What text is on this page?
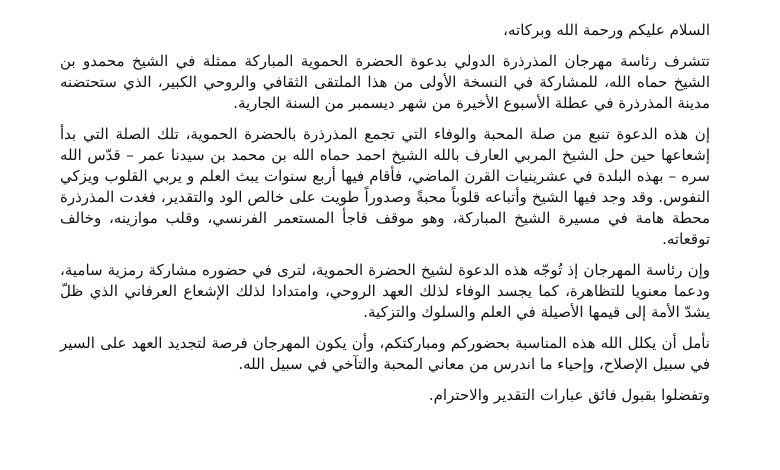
السلام عليكم ورحمة الله وبركاته،

تتشرف رئاسة مهرجان المذرذرة الدولي بدعوة الحضرة الحموية المباركة ممثلة في الشيخ محمدو بن الشيخ حماه الله، للمشاركة في النسخة الأولى من هذا الملتقى الثقافي والروحي الكبير، الذي ستحتضنه مدينة المذرذرة في عطلة الأسبوع الأخيرة من شهر ديسمبر من السنة الجارية.

إن هذه الدعوة تنبع من صلة المحبة والوفاء التي تجمع المذرذرة بالحضرة الحموية، تلك الصلة التي بدأ إشعاعها حين حل الشيخ المربي العارف بالله الشيخ احمد حماه الله بن محمد بن سيدنا عمر – قدّس الله سره – بهذه البلدة في عشرينيات القرن الماضي، فأقام فيها أربع سنوات يبث العلم و يربي القلوب ويزكي النفوس. وقد وجد فيها الشيخ وأتباعه قلوباً محبةً وصدوراً طويت على خالص الود والتقدير، فغدت المذرذرة محطة هامة في مسيرة الشيخ المباركة، وهو موقف فاجأ المستعمر الفرنسي، وقلب موازينه، وخالف توقعاته.

وإن رئاسة المهرجان إذ تُوجّه هذه الدعوة لشيخ الحضرة الحموية، لترى في حضوره مشاركة رمزية سامية، ودعما معنويا للتظاهرة، كما يجسد الوفاء لذلك العهد الروحي، وامتدادا لذلك الإشعاع العرفاني الذي ظلّ يشدّ الأمة إلى قيمها الأصيلة في العلم والسلوك والتزكية.

نأمل أن يكلل الله هذه المناسبة بحضوركم ومباركتكم، وأن يكون المهرجان فرصة لتجديد العهد على السير في سبيل الإصلاح، وإحياء ما اندرس من معاني المحبة والتآخي في سبيل الله.

وتفضلوا بقبول فائق عبارات التقدير والاحترام.
